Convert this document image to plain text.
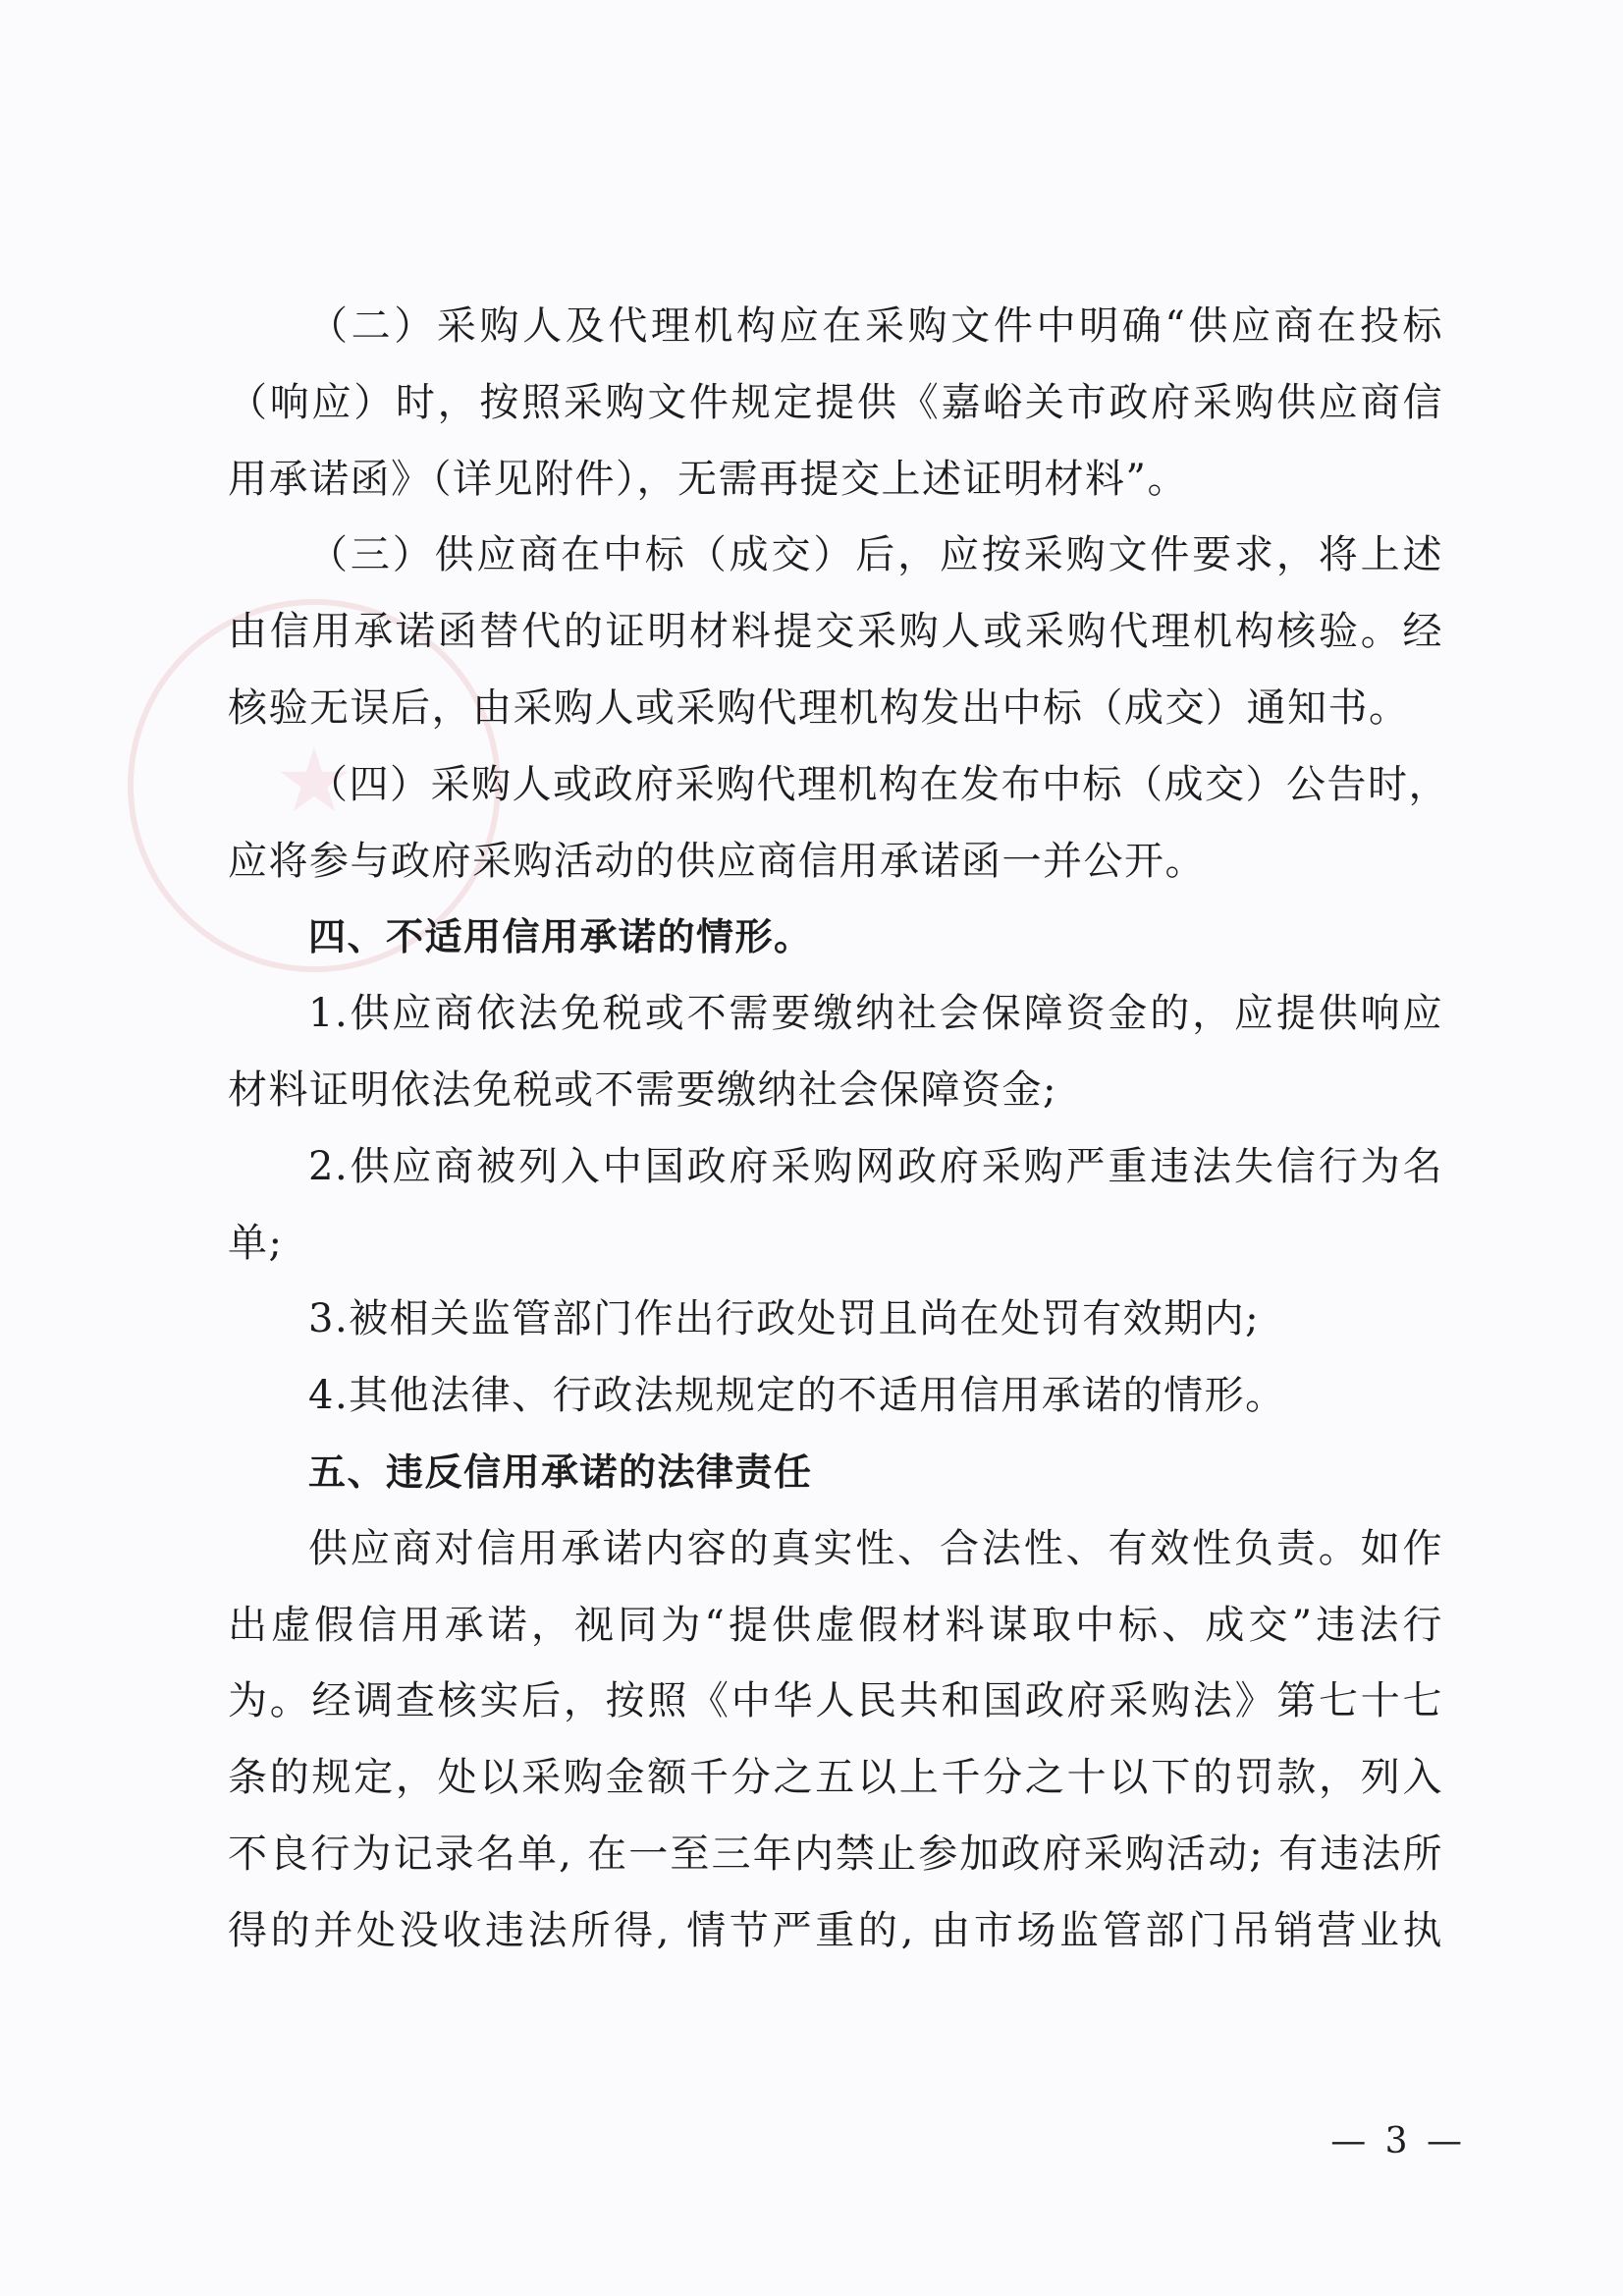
★
（二）采购人及代理机构应在采购文件中明确“供应商在投标
（响应）时，按照采购文件规定提供《嘉峪关市政府采购供应商信
用承诺函》（详见附件），无需再提交上述证明材料”。
（三）供应商在中标（成交）后，应按采购文件要求，将上述
由信用承诺函替代的证明材料提交采购人或采购代理机构核验。经
核验无误后，由采购人或采购代理机构发出中标（成交）通知书。
（四）采购人或政府采购代理机构在发布中标（成交）公告时，
应将参与政府采购活动的供应商信用承诺函一并公开。
四、不适用信用承诺的情形。
1.供应商依法免税或不需要缴纳社会保障资金的，应提供响应
材料证明依法免税或不需要缴纳社会保障资金;
2.供应商被列入中国政府采购网政府采购严重违法失信行为名
单;
3.被相关监管部门作出行政处罚且尚在处罚有效期内;
4.其他法律、行政法规规定的不适用信用承诺的情形。
五、违反信用承诺的法律责任
供应商对信用承诺内容的真实性、合法性、有效性负责。如作
出虚假信用承诺，视同为“提供虚假材料谋取中标、成交”违法行
为。经调查核实后，按照《中华人民共和国政府采购法》第七十七
条的规定，处以采购金额千分之五以上千分之十以下的罚款，列入
不良行为记录名单, 在一至三年内禁止参加政府采购活动; 有违法所
得的并处没收违法所得, 情节严重的, 由市场监管部门吊销营业执
— 3 —
